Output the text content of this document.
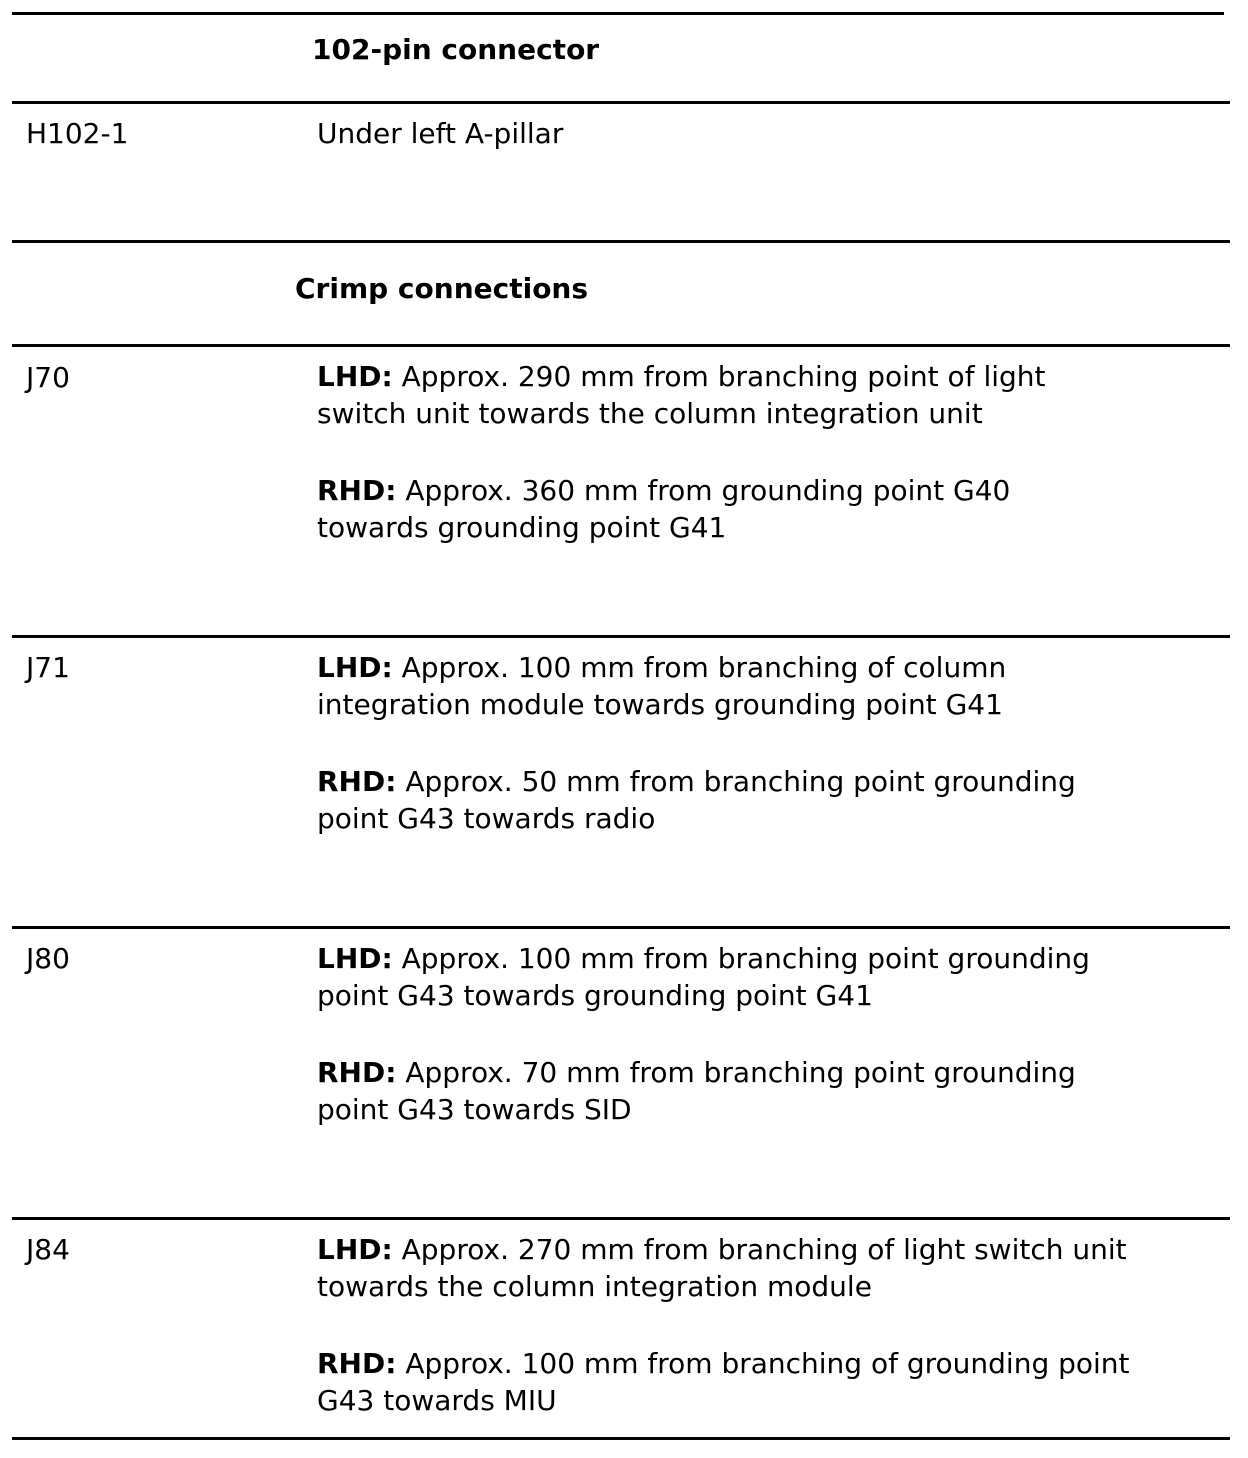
102-pin connector
H102-1	Under left A-pillar
Crimp connections
J70	LHD: Approx. 290 mm from branching point of light
switch unit towards the column integration unit

RHD: Approx. 360 mm from grounding point G40
towards grounding point G41

J71	LHD: Approx. 100 mm from branching of column
integration module towards grounding point G41

RHD: Approx. 50 mm from branching point grounding
point G43 towards radio

J80	LHD: Approx. 100 mm from branching point grounding
point G43 towards grounding point G41

RHD: Approx. 70 mm from branching point grounding
point G43 towards SID

J84	LHD: Approx. 270 mm from branching of light switch unit
towards the column integration module

RHD: Approx. 100 mm from branching of grounding point
G43 towards MIU
